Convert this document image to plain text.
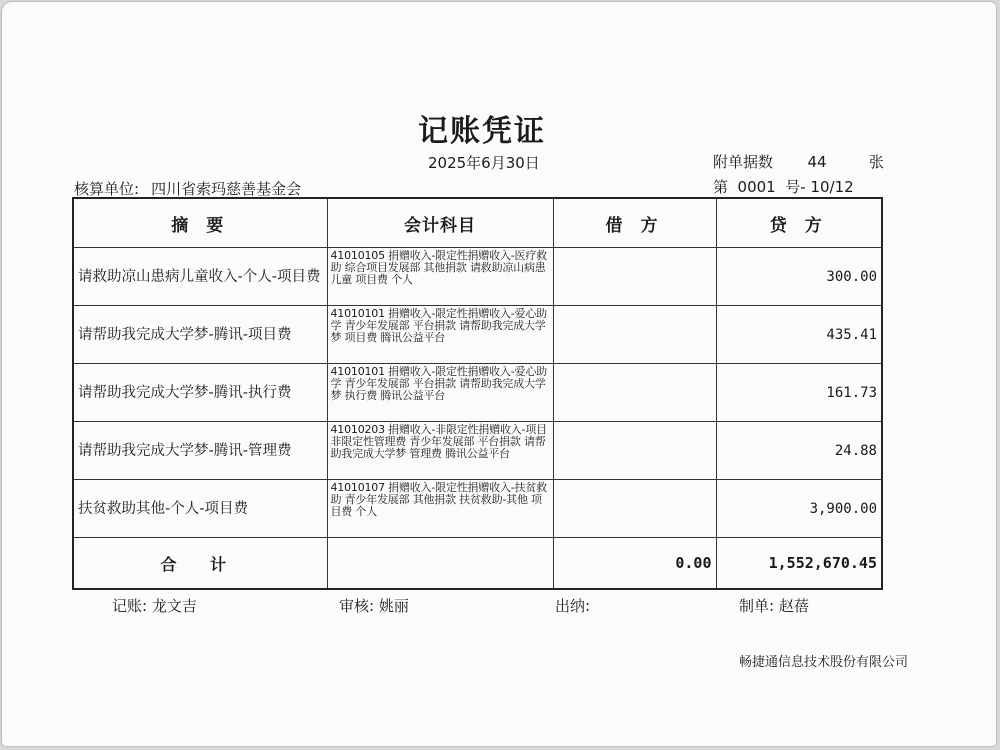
记账凭证
2025年6月30日	附单据数 44	张
核算单位: 四川省索玛慈善基金会	第  0001  号- 10/12
摘 要	会计科目	借 方	贷 方
请救助凉山患病儿童收入-个人-项目费	41010105 捐赠收入-限定性捐赠收入-医疗救助 综合项目发展部 其他捐款 请救助凉山病患儿童 项目费 个人		300.00
请帮助我完成大学梦-腾讯-项目费	41010101 捐赠收入-限定性捐赠收入-爱心助学 青少年发展部 平台捐款 请帮助我完成大学梦 项目费 腾讯公益平台		435.41
请帮助我完成大学梦-腾讯-执行费	41010101 捐赠收入-限定性捐赠收入-爱心助学 青少年发展部 平台捐款 请帮助我完成大学梦 执行费 腾讯公益平台		161.73
请帮助我完成大学梦-腾讯-管理费	41010203 捐赠收入-非限定性捐赠收入-项目非限定性管理费 青少年发展部 平台捐款 请帮助我完成大学梦 管理费 腾讯公益平台		24.88
扶贫救助其他-个人-项目费	41010107 捐赠收入-限定性捐赠收入-扶贫救助 青少年发展部 其他捐款 扶贫救助-其他 项目费 个人		3,900.00
合 计		0.00	1,552,670.45
记账: 龙文吉	审核: 姚丽	出纳:	制单: 赵蓓
畅捷通信息技术股份有限公司
